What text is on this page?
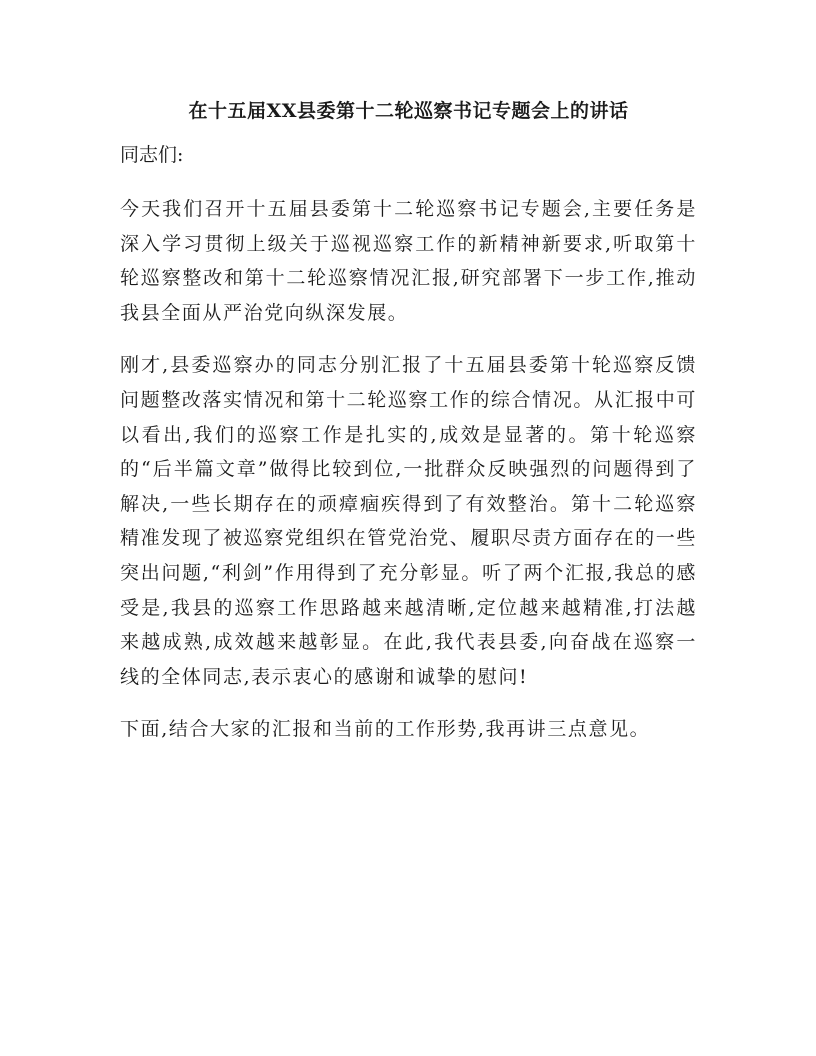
在十五届XX县委第十二轮巡察书记专题会上的讲话

同志们:

今天我们召开十五届县委第十二轮巡察书记专题会,主要任务是深入学习贯彻上级关于巡视巡察工作的新精神新要求,听取第十轮巡察整改和第十二轮巡察情况汇报,研究部署下一步工作,推动我县全面从严治党向纵深发展。

刚才,县委巡察办的同志分别汇报了十五届县委第十轮巡察反馈问题整改落实情况和第十二轮巡察工作的综合情况。从汇报中可以看出,我们的巡察工作是扎实的,成效是显著的。第十轮巡察的“后半篇文章”做得比较到位,一批群众反映强烈的问题得到了解决,一些长期存在的顽瘴痼疾得到了有效整治。第十二轮巡察精准发现了被巡察党组织在管党治党、履职尽责方面存在的一些突出问题,“利剑”作用得到了充分彰显。听了两个汇报,我总的感受是,我县的巡察工作思路越来越清晰,定位越来越精准,打法越来越成熟,成效越来越彰显。在此,我代表县委,向奋战在巡察一线的全体同志,表示衷心的感谢和诚挚的慰问!

下面,结合大家的汇报和当前的工作形势,我再讲三点意见。
